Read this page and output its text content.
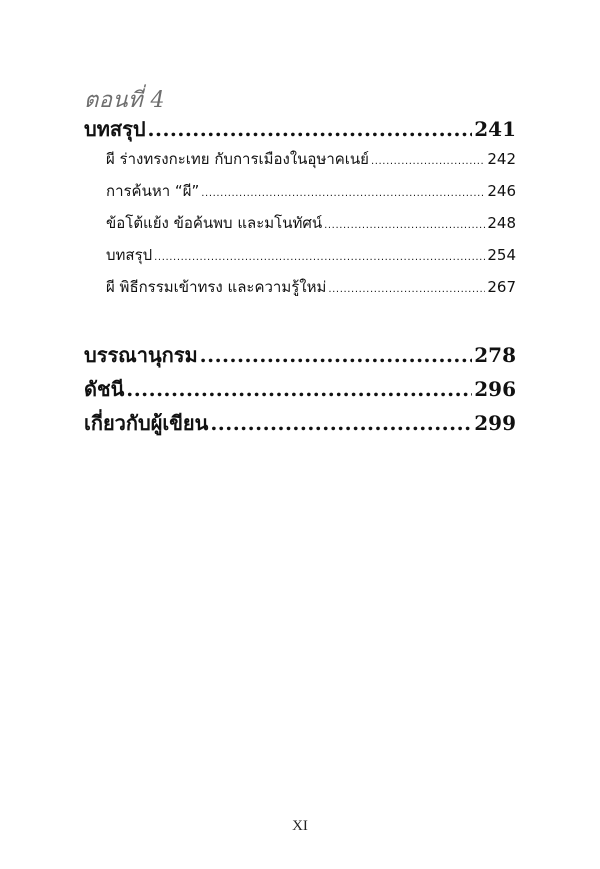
ตอนที่ 4
บทสรุป .....	241
ผี ร่างทรงกะเทย กับการเมืองในอุษาคเนย์ .....	242
การค้นหา “ผี” .....	246
ข้อโต้แย้ง ข้อค้นพบ และมโนทัศน์ .....	248
บทสรุป .....	254
ผี พิธีกรรมเข้าทรง และความรู้ใหม่ .....	267
บรรณานุกรม .....	278
ดัชนี .....	296
เกี่ยวกับผู้เขียน .....	299
XI
